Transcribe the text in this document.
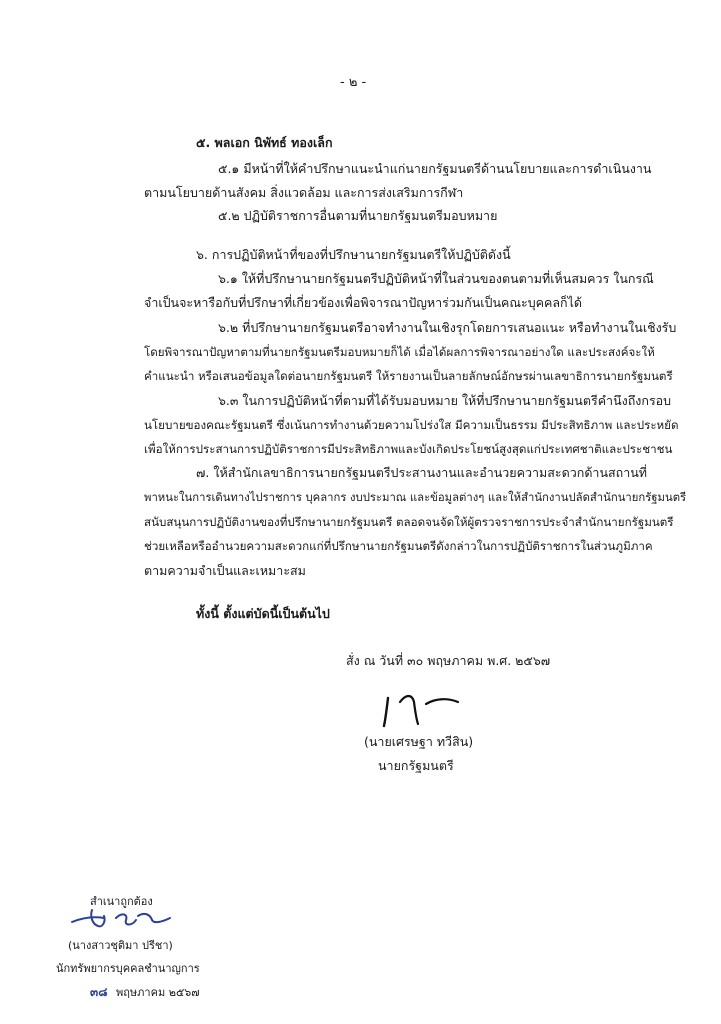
- ๒ -
๕. พลเอก นิพัทธ์ ทองเล็ก
๕.๑ มีหน้าที่ให้คำปรึกษาแนะนำแก่นายกรัฐมนตรีด้านนโยบายและการดำเนินงาน
ตามนโยบายด้านสังคม สิ่งแวดล้อม และการส่งเสริมการกีฬา
๕.๒ ปฏิบัติราชการอื่นตามที่นายกรัฐมนตรีมอบหมาย
๖. การปฏิบัติหน้าที่ของที่ปรึกษานายกรัฐมนตรีให้ปฏิบัติดังนี้
๖.๑ ให้ที่ปรึกษานายกรัฐมนตรีปฏิบัติหน้าที่ในส่วนของตนตามที่เห็นสมควร ในกรณี
จำเป็นจะหารือกับที่ปรึกษาที่เกี่ยวข้องเพื่อพิจารณาปัญหาร่วมกันเป็นคณะบุคคลก็ได้
๖.๒ ที่ปรึกษานายกรัฐมนตรีอาจทำงานในเชิงรุกโดยการเสนอแนะ หรือทำงานในเชิงรับ
โดยพิจารณาปัญหาตามที่นายกรัฐมนตรีมอบหมายก็ได้ เมื่อได้ผลการพิจารณาอย่างใด และประสงค์จะให้
คำแนะนำ หรือเสนอข้อมูลใดต่อนายกรัฐมนตรี ให้รายงานเป็นลายลักษณ์อักษรผ่านเลขาธิการนายกรัฐมนตรี
๖.๓ ในการปฏิบัติหน้าที่ตามที่ได้รับมอบหมาย ให้ที่ปรึกษานายกรัฐมนตรีคำนึงถึงกรอบ
นโยบายของคณะรัฐมนตรี ซึ่งเน้นการทำงานด้วยความโปร่งใส มีความเป็นธรรม มีประสิทธิภาพ และประหยัด
เพื่อให้การประสานการปฏิบัติราชการมีประสิทธิภาพและบังเกิดประโยชน์สูงสุดแก่ประเทศชาติและประชาชน
๗. ให้สำนักเลขาธิการนายกรัฐมนตรีประสานงานและอำนวยความสะดวกด้านสถานที่
พาหนะในการเดินทางไปราชการ บุคลากร งบประมาณ และข้อมูลต่างๆ และให้สำนักงานปลัดสำนักนายกรัฐมนตรี
สนับสนุนการปฏิบัติงานของที่ปรึกษานายกรัฐมนตรี ตลอดจนจัดให้ผู้ตรวจราชการประจำสำนักนายกรัฐมนตรี
ช่วยเหลือหรืออำนวยความสะดวกแก่ที่ปรึกษานายกรัฐมนตรีดังกล่าวในการปฏิบัติราชการในส่วนภูมิภาค
ตามความจำเป็นและเหมาะสม
ทั้งนี้ ตั้งแต่บัดนี้เป็นต้นไป
สั่ง ณ วันที่ ๓๐ พฤษภาคม พ.ศ. ๒๕๖๗
(นายเศรษฐา ทวีสิน)
นายกรัฐมนตรี
สำเนาถูกต้อง
(นางสาวชุติมา ปรีชา)
นักทรัพยากรบุคคลชำนาญการ
๓๘ พฤษภาคม ๒๕๖๗
